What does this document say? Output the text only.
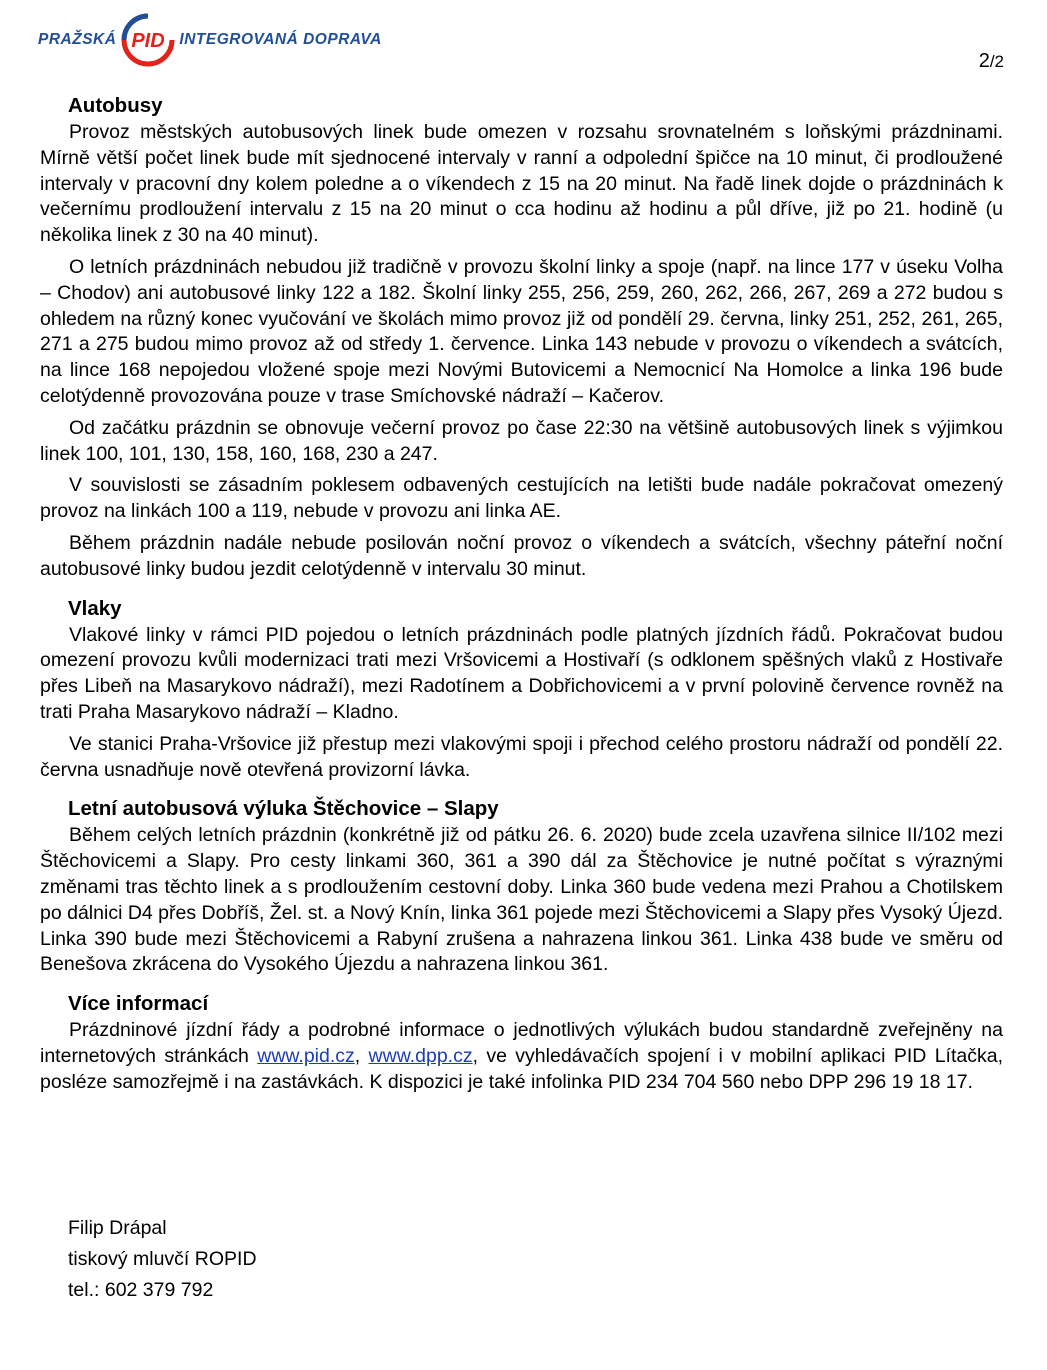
PRAŽSKÁ PID INTEGROVANÁ DOPRAVA
2/2
Autobusy

Provoz městských autobusových linek bude omezen v rozsahu srovnatelném s loňskými prázdninami. Mírně větší počet linek bude mít sjednocené intervaly v ranní a odpolední špičce na 10 minut, či prodloužené intervaly v pracovní dny kolem poledne a o víkendech z 15 na 20 minut. Na řadě linek dojde o prázdninách k večernímu prodloužení intervalu z 15 na 20 minut o cca hodinu až hodinu a půl dříve, již po 21. hodině (u několika linek z 30 na 40 minut).

O letních prázdninách nebudou již tradičně v provozu školní linky a spoje (např. na lince 177 v úseku Volha – Chodov) ani autobusové linky 122 a 182. Školní linky 255, 256, 259, 260, 262, 266, 267, 269 a 272 budou s ohledem na různý konec vyučování ve školách mimo provoz již od pondělí 29. června, linky 251, 252, 261, 265, 271 a 275 budou mimo provoz až od středy 1. července. Linka 143 nebude v provozu o víkendech a svátcích, na lince 168 nepojedou vložené spoje mezi Novými Butovicemi a Nemocnicí Na Homolce a linka 196 bude celotýdenně provozována pouze v trase Smíchovské nádraží – Kačerov.

Od začátku prázdnin se obnovuje večerní provoz po čase 22:30 na většině autobusových linek s výjimkou linek 100, 101, 130, 158, 160, 168, 230 a 247.

V souvislosti se zásadním poklesem odbavených cestujících na letišti bude nadále pokračovat omezený provoz na linkách 100 a 119, nebude v provozu ani linka AE.

Během prázdnin nadále nebude posilován noční provoz o víkendech a svátcích, všechny páteřní noční autobusové linky budou jezdit celotýdenně v intervalu 30 minut.

Vlaky

Vlakové linky v rámci PID pojedou o letních prázdninách podle platných jízdních řádů. Pokračovat budou omezení provozu kvůli modernizaci trati mezi Vršovicemi a Hostivaří (s odklonem spěšných vlaků z Hostivaře přes Libeň na Masarykovo nádraží), mezi Radotínem a Dobřichovicemi a v první polovině července rovněž na trati Praha Masarykovo nádraží – Kladno.

Ve stanici Praha-Vršovice již přestup mezi vlakovými spoji i přechod celého prostoru nádraží od pondělí 22. června usnadňuje nově otevřená provizorní lávka.

Letní autobusová výluka Štěchovice – Slapy

Během celých letních prázdnin (konkrétně již od pátku 26. 6. 2020) bude zcela uzavřena silnice II/102 mezi Štěchovicemi a Slapy. Pro cesty linkami 360, 361 a 390 dál za Štěchovice je nutné počítat s výraznými změnami tras těchto linek a s prodloužením cestovní doby. Linka 360 bude vedena mezi Prahou a Chotilskem po dálnici D4 přes Dobříš, Žel. st. a Nový Knín, linka 361 pojede mezi Štěchovicemi a Slapy přes Vysoký Újezd. Linka 390 bude mezi Štěchovicemi a Rabyní zrušena a nahrazena linkou 361. Linka 438 bude ve směru od Benešova zkrácena do Vysokého Újezdu a nahrazena linkou 361.

Více informací

Prázdninové jízdní řády a podrobné informace o jednotlivých výlukách budou standardně zveřejněny na internetových stránkách www.pid.cz, www.dpp.cz, ve vyhledávačích spojení i v mobilní aplikaci PID Lítačka, posléze samozřejmě i na zastávkách. K dispozici je také infolinka PID 234 704 560 nebo DPP 296 19 18 17.

Filip Drápal
tiskový mluvčí ROPID
tel.: 602 379 792
